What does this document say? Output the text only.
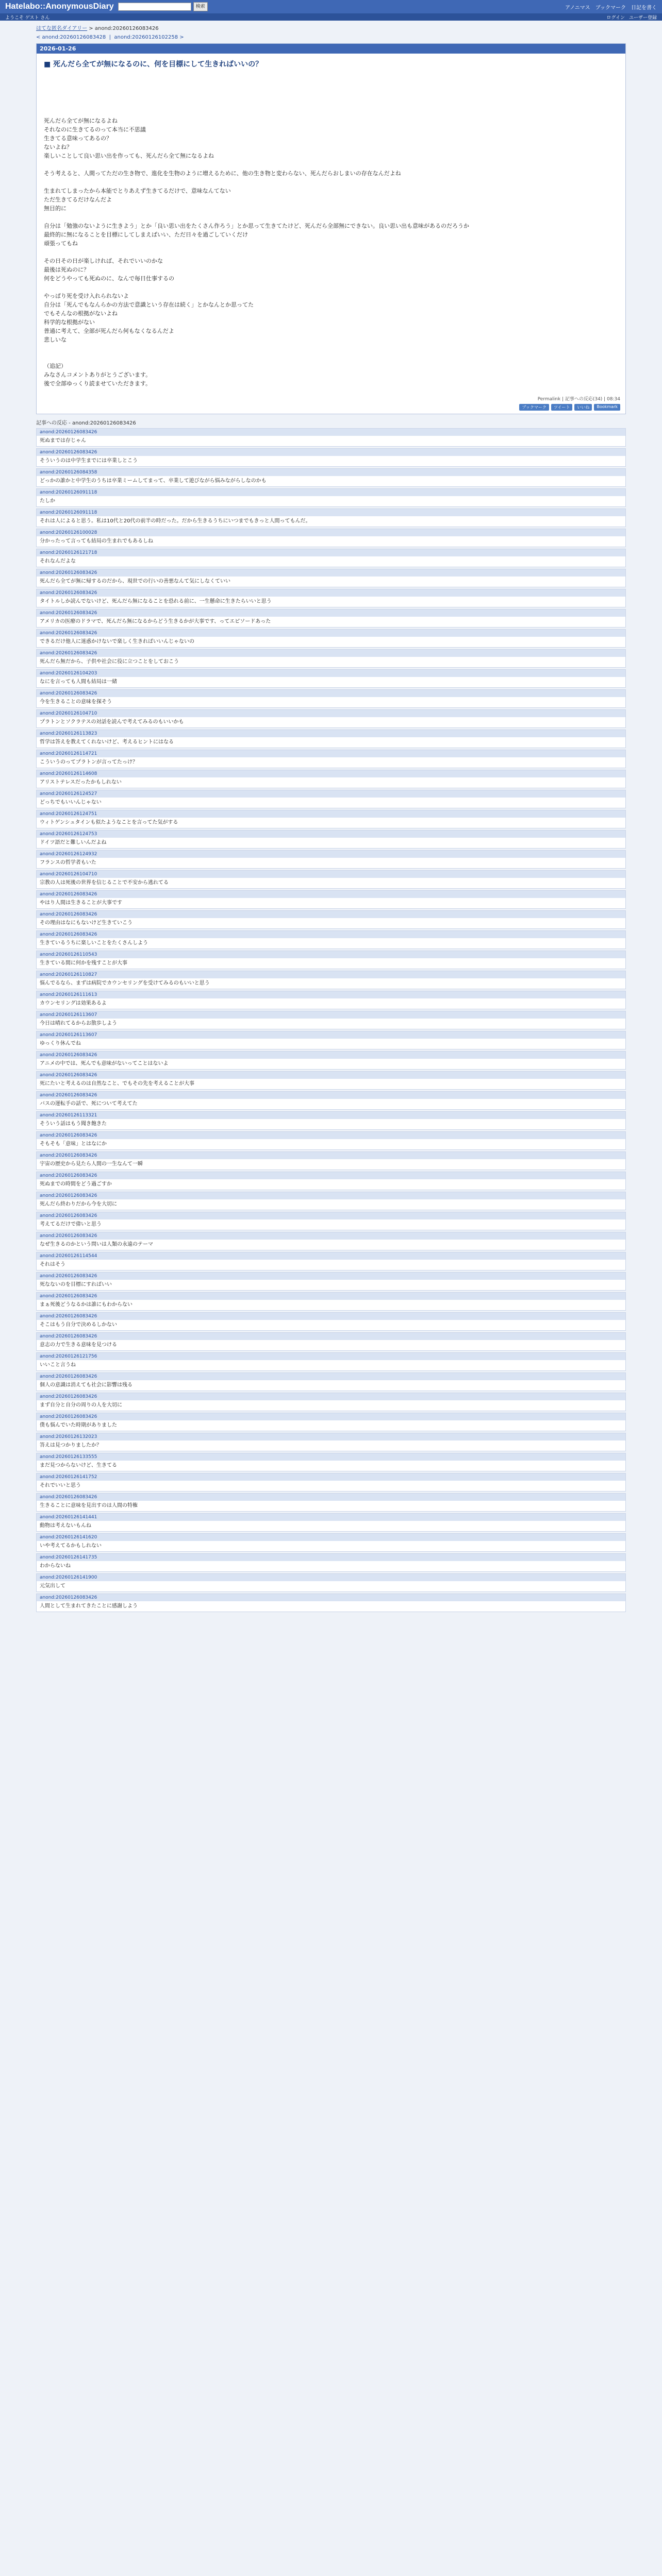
Hatelabo::AnonymousDiary	検索	アノニマス ブックマーク 日記を書く
ようこそ ゲスト さん	ログイン ユーザー登録
はてな匿名ダイアリー > anond:20260126083426
< anond:20260126083428  |  anond:20260126102258 >
2026-01-26
■ 死んだら全てが無になるのに、何を目標にして生きればいいの？

死んだら全てが無になるよね

それなのに生きてるのって本当に不思議

生きてる意味ってあるの？

ないよね？

楽しいことして良い思い出を作っても、死んだら全て無になるよね

そう考えると、人間ってただの生き物で、進化を生物のように増えるために、他の生き物と変わらない、死んだらおしまいの存在なんだよね

生まれてしまったから本能でとりあえず生きてるだけで、意味なんてない

ただ生きてるだけなんだよ

無目的に

自分は「勉強のないように生きよう」とか「良い思い出をたくさん作ろう」とか思って生きてたけど、死んだら全部無にできない。良い思い出も意味があるのだろうか

最終的に無になることを目標にしてしまえばいい、ただ日々を過ごしていくだけ

頑張ってもね

その日その日が楽しければ、それでいいのかな

最後は死ぬのに？

何をどうやっても死ぬのに、なんで毎日仕事するの

やっぱり死を受け入れられないよ

自分は「死んでもなんらかの方法で意識という存在は続く」とかなんとか思ってた

でもそんなの根拠がないよね

科学的な根拠がない

普通に考えて、全部が死んだら何もなくなるんだよ

悲しいな

（追記）

みなさんコメントありがとうございます。

後で全部ゆっくり読ませていただきます。

Permalink | 記事への反応(34) | 08:34
ブックマーク	ツイート	いいね	Bookmark
記事への反応 - anond:20260126083426
anond:20260126083426
死ぬまでは存じゃん
anond:20260126083426
そういうのは中学生までには卒業しとこう
anond:20260126084358
どっかの誰かと中学生のうちは卒業ミームしてまって、卒業して遊びながら悩みながらしなのかも
anond:20260126091118
たしか
anond:20260126091118
それは人によると思う。私は10代と20代の前半の時だった。だから生きるうちにいつまでもきっと人間ってもんだ。
anond:20260126100028
分かったって言っても結局の生まれでもあるしね
anond:20260126121718
それなんだよな
anond:20260126083426
死んだら全てが無に帰するのだから、現世での行いの善悪なんて気にしなくていい
anond:20260126083426
タイトルしか読んでないけど、死んだら無になることを恐れる前に、一生懸命に生きたらいいと思う
anond:20260126083426
アメリカの医療のドラマで、死んだら無になるからどう生きるかが大事です、ってエピソードあった
anond:20260126083426
できるだけ他人に迷惑かけないで楽しく生きればいいんじゃないの
anond:20260126083426
死んだら無だから、子供や社会に役に立つことをしておこう
anond:20260126104203
なにを言っても人間も結局は一緒
anond:20260126083426
今を生きることの意味を探そう
anond:20260126104710
プラトンとソクラテスの対話を読んで考えてみるのもいいかも
anond:20260126113823
哲学は答えを教えてくれないけど、考えるヒントにはなる
anond:20260126114721
こういうのってプラトンが言ってたっけ？
anond:20260126114608
アリストテレスだったかもしれない
anond:20260126124527
どっちでもいいんじゃない
anond:20260126124751
ウィトゲンシュタインも似たようなことを言ってた気がする
anond:20260126124753
ドイツ語だと難しいんだよね
anond:20260126124932
フランスの哲学者もいた
anond:20260126104710
宗教の人は死後の世界を信じることで不安から逃れてる
anond:20260126083426
やはり人間は生きることが大事です
anond:20260126083426
その理由はなにもないけど生きていこう
anond:20260126083426
生きているうちに楽しいことをたくさんしよう
anond:20260126110543
生きている間に何かを残すことが大事
anond:20260126110827
悩んでるなら、まずは病院でカウンセリングを受けてみるのもいいと思う
anond:20260126111613
カウンセリングは効果あるよ
anond:20260126113607
今日は晴れてるからお散歩しよう
anond:20260126113607
ゆっくり休んでね
anond:20260126083426
アニメの中では、死んでも意味がないってことはないよ
anond:20260126083426
死にたいと考えるのは自然なこと、でもその先を考えることが大事
anond:20260126083426
バスの運転手の話で、死について考えてた
anond:20260126113321
そういう話はもう聞き飽きた
anond:20260126083426
そもそも「意味」とはなにか
anond:20260126083426
宇宙の歴史から見たら人間の一生なんて一瞬
anond:20260126083426
死ぬまでの時間をどう過ごすか
anond:20260126083426
死んだら終わりだから今を大切に
anond:20260126083426
考えてるだけで偉いと思う
anond:20260126083426
なぜ生きるのかという問いは人類の永遠のテーマ
anond:20260126114544
それはそう
anond:20260126083426
死なないのを目標にすればいい
anond:20260126083426
まぁ死後どうなるかは誰にもわからない
anond:20260126083426
そこはもう自分で決めるしかない
anond:20260126083426
意志の力で生きる意味を見つける
anond:20260126121756
いいこと言うね
anond:20260126083426
個人の意識は消えても社会に影響は残る
anond:20260126083426
まず自分と自分の周りの人を大切に
anond:20260126083426
僕も悩んでいた時期がありました
anond:20260126132023
答えは見つかりましたか？
anond:20260126133555
まだ見つからないけど、生きてる
anond:20260126141752
それでいいと思う
anond:20260126083426
生きることに意味を見出すのは人間の特権
anond:20260126141441
動物は考えないもんね
anond:20260126141620
いや考えてるかもしれない
anond:20260126141735
わからないね
anond:20260126141900
元気出して
anond:20260126083426
人間として生まれてきたことに感謝しよう
